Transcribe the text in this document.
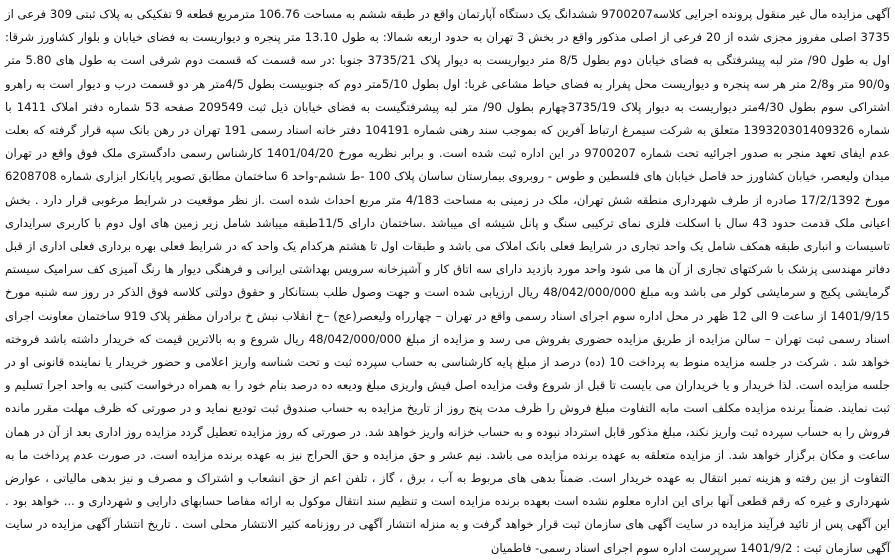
آگهی مزایده مال غیر منقول پرونده اجرایی کلاسه9700207 ششدانگ یک دستگاه آپارتمان واقع در طبقه ششم به مساحت 106.76 مترمربع قطعه 9 تفکیکی به پلاک ثبتی 309 فرعی از 3735 اصلی مفروز مجزی شده از 20 فرعی از اصلی مذکور واقع در بخش 3 تهران به حدود اربعه شمالا: به طول 13.10 متر پنجره و دیواریست به فضای خیابان و بلوار کشاورز شرقا: اول به طول 90/ متر لبه پیشرفتگی به فضای خیابان دوم بطول 8/5 متر دیواریست به دیوار پلاک 3735/21 جنوبا :در سه قسمت که قسمت دوم شرقی است به طول های 5.80 متر و90/0 متر و2/8 متر هر سه پنجره و دیواریست محل پفرار به فضای حیاط مشاعی غربا: اول بطول 5/10متر دوم که جنوبیست بطول 4/5متر هر دو قسمت درب و دیوار است به راهرو اشتراکی سوم بطول 4/30متر دیواریست به دیوار پلاک 3735/19چهارم بطول 90/ متر لبه پیشرفتگیست به فضای خیابان ذیل ثبت 209549 صفحه 53 شماره دفتر املاک 1411 با شماره 139320301409326 متعلق به شرکت سیمرغ ارتباط آفرین که بموجب سند رهنی شماره 104191 دفتر خانه اسناد رسمی 191 تهران در رهن بانک سپه قرار گرفته که بعلت عدم ایفای تعهد منجر به صدور اجرائیه تحت شماره 9700207 در این اداره ثبت شده است. و برابر نظریه مورخ 1401/04/20 کارشناس رسمی دادگستری ملک فوق واقع در تهران میدان ولیعصر، خیابان کشاورز حد فاصل خیابان های فلسطین و طوس - روبروی بیمارستان ساسان پلاک 100 -ط ششم-واحد 6 ساختمان مطابق تصویر پایانکار ابزاری شماره 6208708 مورخ 17/2/1392 صادره از طرف شهرداری منطقه شش تهران، ملک در زمینی به مساحت 4/183 متر مربع احداث شده است .از نظر موقعیت در شرایط مرغوبی قرار دارد . بخش اعیانی ملک قدمت حدود 43 سال با اسکلت فلزی نمای ترکیبی سنگ و پانل شیشه ای میباشد .ساختمان دارای 11/5طبقه میباشد شامل زیر زمین های اول دوم با کاربری سرایداری تاسیسات و انباری طبقه همکف شامل یک واحد تجاری در شرایط فعلی بانک املاک می باشد و طبقات اول تا هشتم هرکدام یک واحد که در شرایط فعلی بهره برداری فعلی اداری از قبل دفاتر مهندسی پزشک با شرکتهای تجاری از آن ها می شود واحد مورد بازدید دارای سه اتاق کار و آشپزخانه سرویس بهداشتی ایرانی و فرهنگی دیوار ها رنگ آمیزی کف سرامیک سیستم گرمایشی پکیج و سرمایشی کولر می باشد وبه مبلغ 48/042/000/000 ریال ارزیابی شده است و جهت وصول طلب بستانکار و حقوق دولتی کلاسه فوق الذکر در روز سه شنبه مورخ 1401/9/15 از ساعت 9 الی 12 ظهر در محل اداره سوم اجرای اسناد رسمی واقع در تهران – چهارراه ولیعصر(عج) –خ انقلاب نبش خ برادران مظفر پلاک 919 ساختمان معاونت اجرای اسناد رسمی ثبت تهران – سالن مزایده از طریق مزایده حضوری بفروش می رسد و مزایده از مبلغ 48/042/000/000 ریال شروع و به بالاترین قیمت که خریدار داشته باشد فروخته خواهد شد . شرکت در جلسه مزایده منوط به پرداخت 10 (ده) درصد از مبلغ پایه کارشناسی به حساب سپرده ثبت و تحت شناسه واریز اعلامی و حضور خریدار یا نماینده قانونی او در جلسه مزایده است. لذا خریدار و یا خریداران می بایست تا قبل از شروع وقت مزایده اصل فیش واریزی مبلغ ودیعه ده درصد بنام خود را به همراه درخواست کتبی به واحد اجرا تسلیم و ثبت نمایند. ضمناً برنده مزایده مکلف است مابه التفاوت مبلغ فروش را ظرف مدت پنج روز از تاریخ مزایده به حساب صندوق ثبت تودیع نماید و در صورتی که ظرف مهلت مقرر مانده فروش را به حساب سپرده ثبت واریز نکند، مبلغ مذکور قابل استرداد نبوده و به حساب خزانه واریز خواهد شد. در صورتی که روز مزایده تعطیل گردد مزایده روز اداری بعد از آن در همان ساعت و مکان برگزار خواهد شد. از مزایده متعلقه به عهده برنده مزایده می باشد. نیم عشر و حق مزایده و حق الحراج نیز به عهده برنده مزایده است. در صورت عدم پرداخت ما به التفاوت از بین رفته و هزینه تمبر انتقال به عهده خریدار است. ضمناً بدهی های مربوط به آب ، برق ، گاز ، تلفن اعم از حق انشعاب و اشتراک و مصرف و نیز بدهی مالیاتی ، عوارض شهرداری و غیره که رقم قطعی آنها برای این اداره معلوم نشده است بعهده برنده مزایده است و تنظیم سند انتقال موکول به ارائه مفاصا حسابهای دارایی و شهرداری و ... خواهد بود . این آگهی پس از تائید فرآیند مزایده در سایت آگهی های سازمان ثبت قرار خواهد گرفت و به منزله انتشار آگهی در روزنامه کثیر الانتشار محلی است . تاریخ انتشار آگهی مزایده در سایت آگهی سازمان ثبت : 1401/9/2 سرپرست اداره سوم اجرای اسناد رسمی- فاطمیان
